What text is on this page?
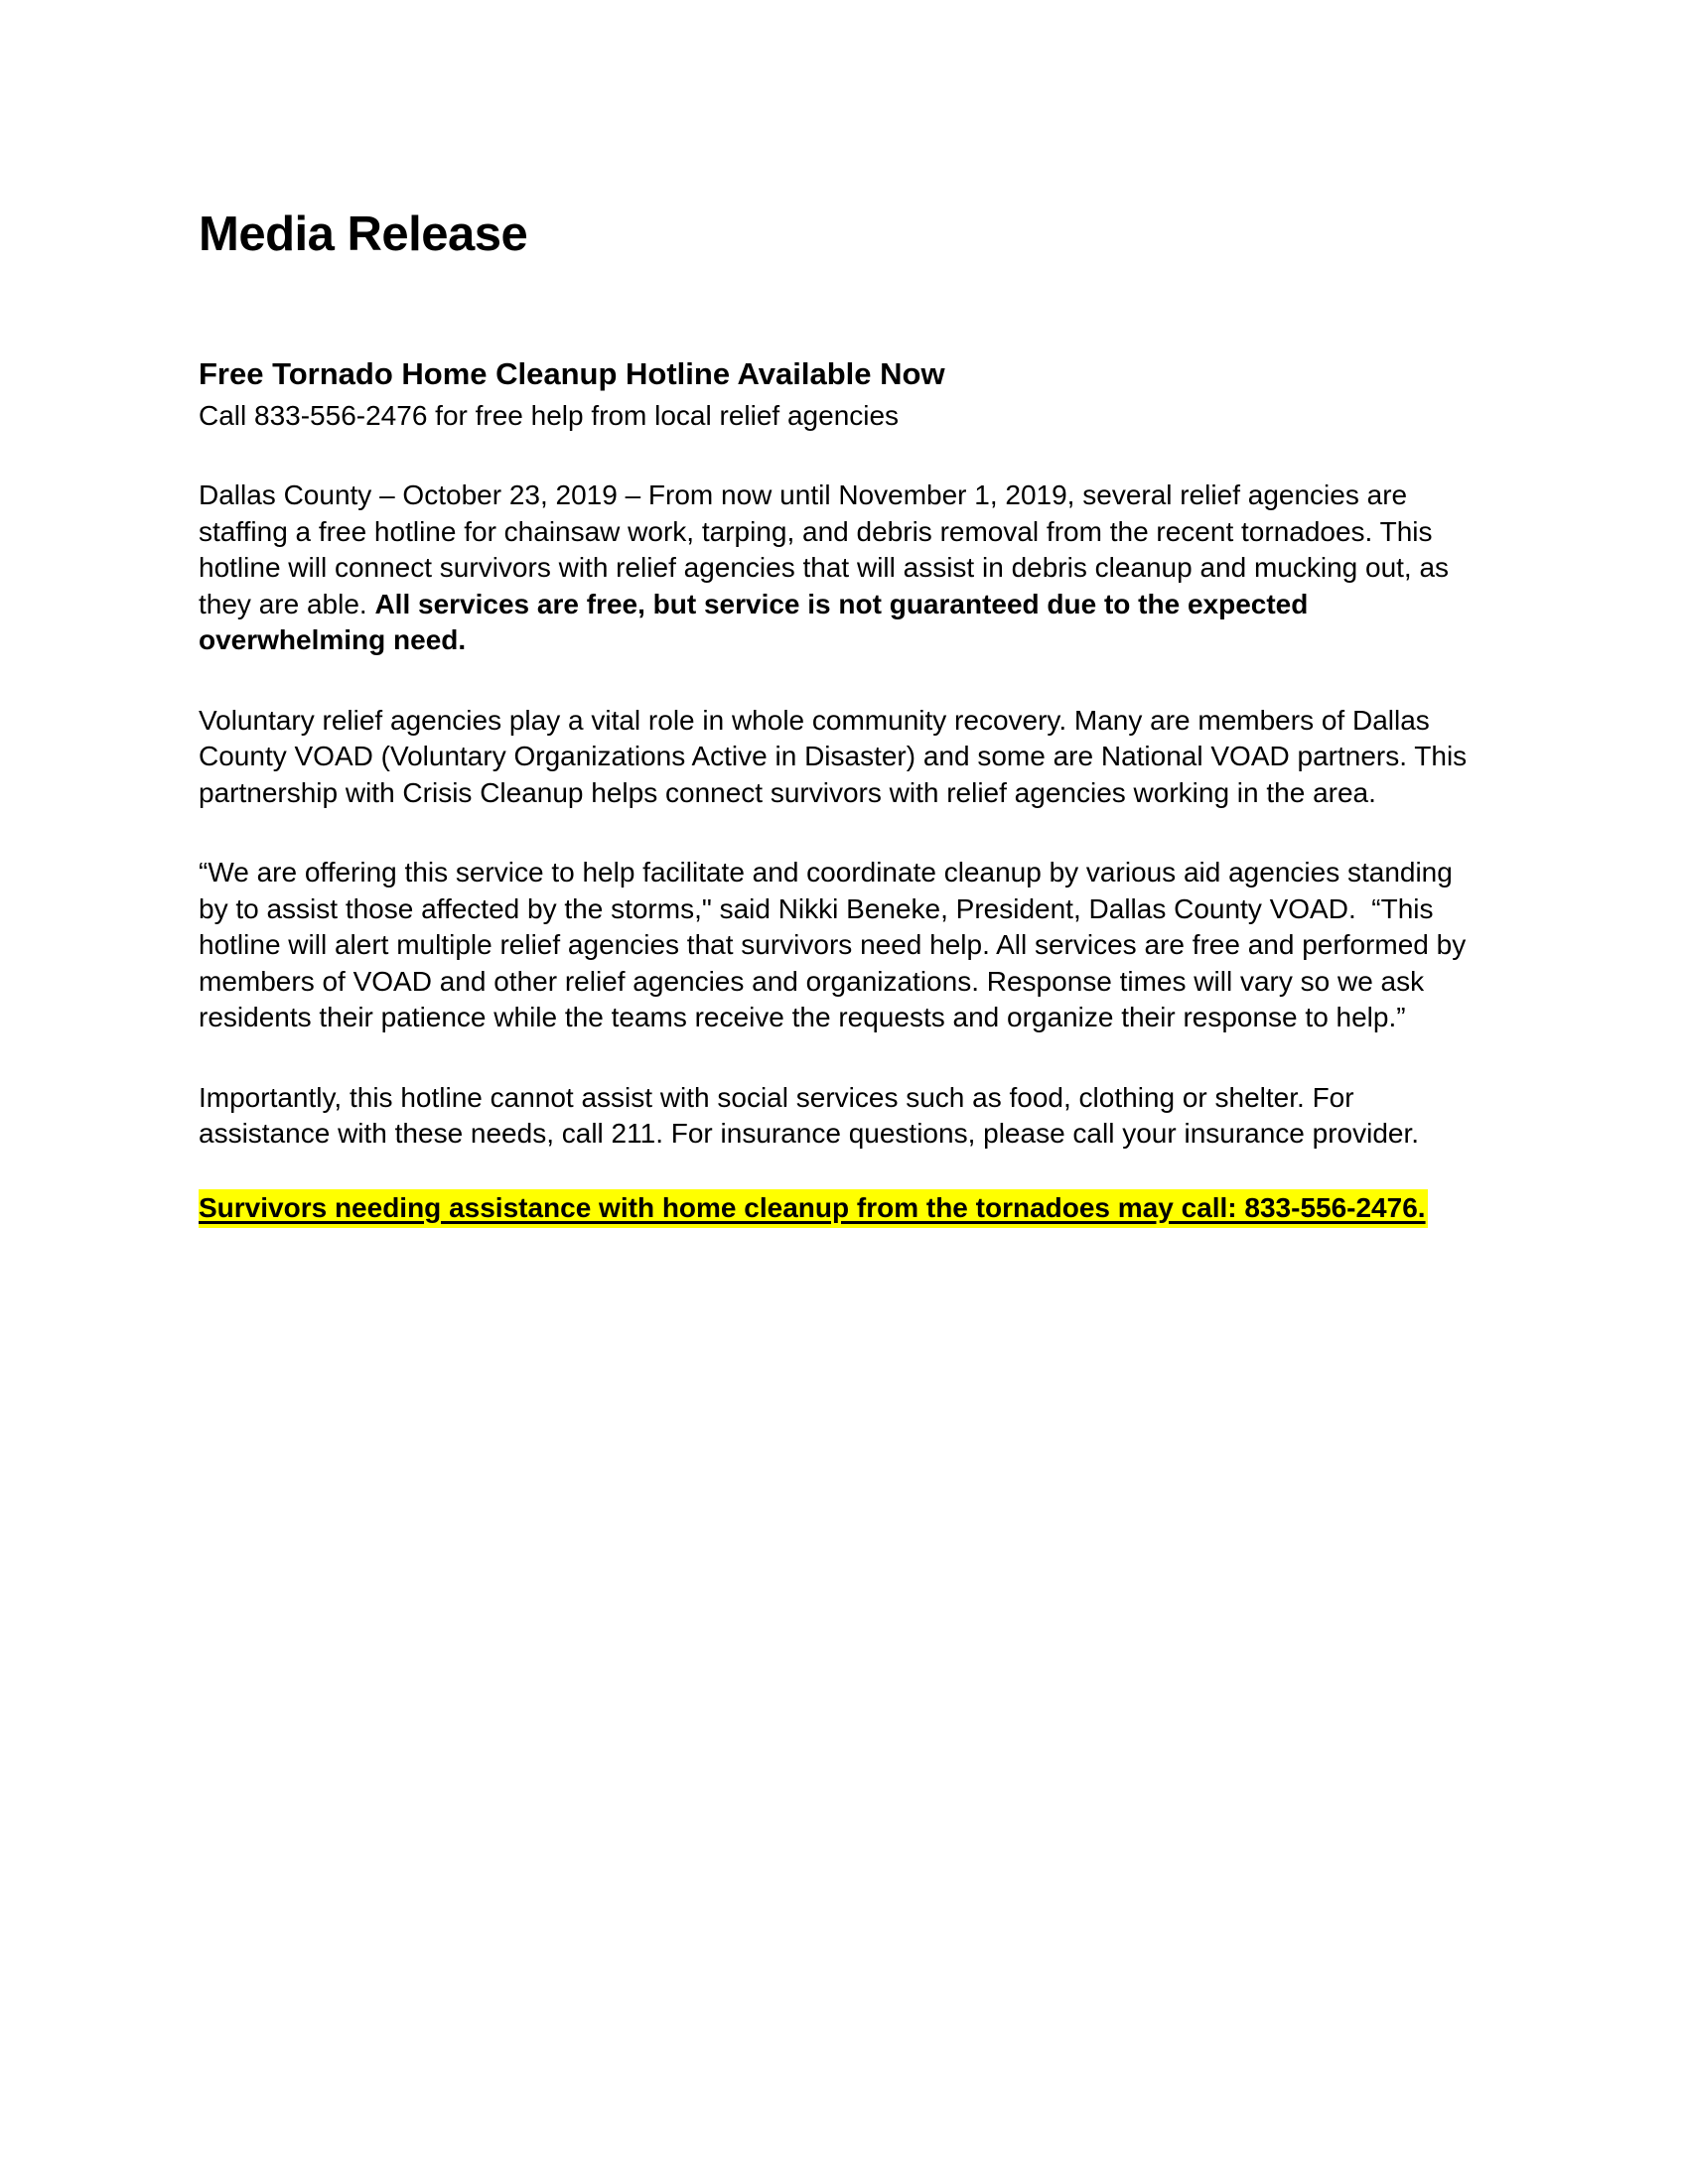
Media Release
Free Tornado Home Cleanup Hotline Available Now
Call 833-556-2476 for free help from local relief agencies

Dallas County – October 23, 2019 – From now until November 1, 2019, several relief agencies are staffing a free hotline for chainsaw work, tarping, and debris removal from the recent tornadoes. This hotline will connect survivors with relief agencies that will assist in debris cleanup and mucking out, as they are able. All services are free, but service is not guaranteed due to the expected overwhelming need.

Voluntary relief agencies play a vital role in whole community recovery. Many are members of Dallas County VOAD (Voluntary Organizations Active in Disaster) and some are National VOAD partners. This partnership with Crisis Cleanup helps connect survivors with relief agencies working in the area.

“We are offering this service to help facilitate and coordinate cleanup by various aid agencies standing by to assist those affected by the storms," said Nikki Beneke, President, Dallas County VOAD.  “This hotline will alert multiple relief agencies that survivors need help. All services are free and performed by members of VOAD and other relief agencies and organizations. Response times will vary so we ask residents their patience while the teams receive the requests and organize their response to help.”

Importantly, this hotline cannot assist with social services such as food, clothing or shelter. For assistance with these needs, call 211. For insurance questions, please call your insurance provider.

Survivors needing assistance with home cleanup from the tornadoes may call: 833-556-2476.
